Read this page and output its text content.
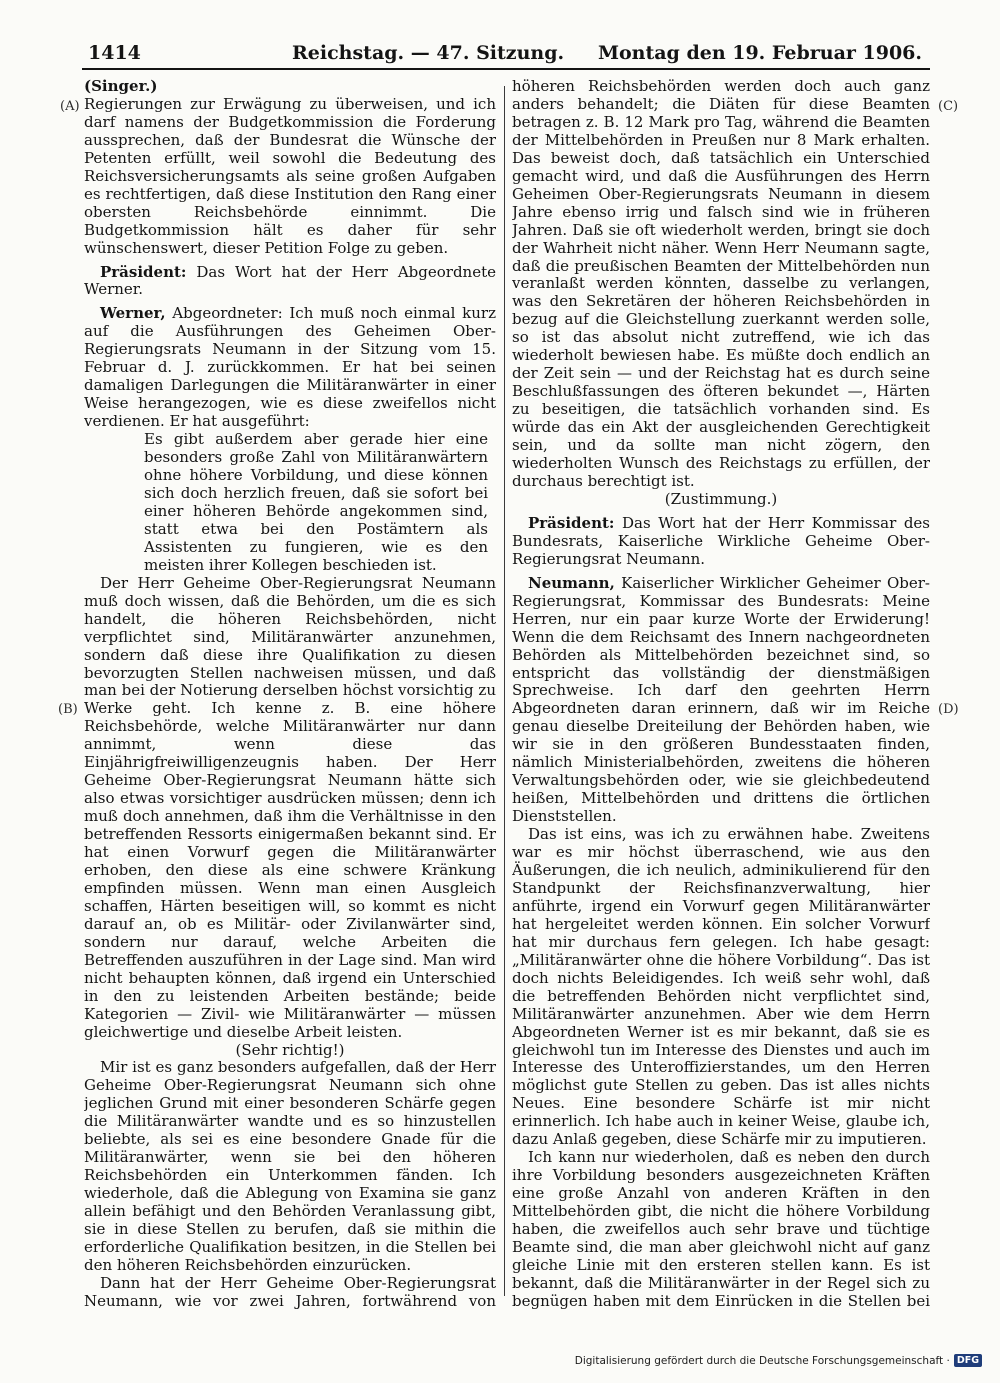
1414	Reichstag. — 47. Sitzung. Montag den 19. Februar 1906.
(A)
(B)
(C)
(D)

(Singer.)

Regierungen zur Erwägung zu überweisen, und ich darf namens der Budgetkommission die Forderung aussprechen, daß der Bundesrat die Wünsche der Petenten erfüllt, weil sowohl die Bedeutung des Reichsversicherungsamts als seine großen Aufgaben es rechtfertigen, daß diese Institution den Rang einer obersten Reichsbehörde einnimmt. Die Budgetkommission hält es daher für sehr wünschenswert, dieser Petition Folge zu geben.

Präsident: Das Wort hat der Herr Abgeordnete Werner.

Werner, Abgeordneter: Ich muß noch einmal kurz auf die Ausführungen des Geheimen Ober-Regierungsrats Neumann in der Sitzung vom 15. Februar d. J. zurückkommen. Er hat bei seinen damaligen Darlegungen die Militäranwärter in einer Weise herangezogen, wie es diese zweifellos nicht verdienen. Er hat ausgeführt:

Es gibt außerdem aber gerade hier eine besonders große Zahl von Militäranwärtern ohne höhere Vorbildung, und diese können sich doch herzlich freuen, daß sie sofort bei einer höheren Behörde angekommen sind, statt etwa bei den Postämtern als Assistenten zu fungieren, wie es den meisten ihrer Kollegen beschieden ist.

Der Herr Geheime Ober-Regierungsrat Neumann muß doch wissen, daß die Behörden, um die es sich handelt, die höheren Reichsbehörden, nicht verpflichtet sind, Militäranwärter anzunehmen, sondern daß diese ihre Qualifikation zu diesen bevorzugten Stellen nachweisen müssen, und daß man bei der Notierung derselben höchst vorsichtig zu Werke geht. Ich kenne z. B. eine höhere Reichsbehörde, welche Militäranwärter nur dann annimmt, wenn diese das Einjährigfreiwilligenzeugnis haben. Der Herr Geheime Ober-Regierungsrat Neumann hätte sich also etwas vorsichtiger ausdrücken müssen; denn ich muß doch annehmen, daß ihm die Verhältnisse in den betreffenden Ressorts einigermaßen bekannt sind. Er hat einen Vorwurf gegen die Militäranwärter erhoben, den diese als eine schwere Kränkung empfinden müssen. Wenn man einen Ausgleich schaffen, Härten beseitigen will, so kommt es nicht darauf an, ob es Militär- oder Zivilanwärter sind, sondern nur darauf, welche Arbeiten die Betreffenden auszuführen in der Lage sind. Man wird nicht behaupten können, daß irgend ein Unterschied in den zu leistenden Arbeiten bestände; beide Kategorien — Zivil- wie Militäranwärter — müssen gleichwertige und dieselbe Arbeit leisten.

(Sehr richtig!)

Mir ist es ganz besonders aufgefallen, daß der Herr Geheime Ober-Regierungsrat Neumann sich ohne jeglichen Grund mit einer besonderen Schärfe gegen die Militäranwärter wandte und es so hinzustellen beliebte, als sei es eine besondere Gnade für die Militäranwärter, wenn sie bei den höheren Reichsbehörden ein Unterkommen fänden. Ich wiederhole, daß die Ablegung von Examina sie ganz allein befähigt und den Behörden Veranlassung gibt, sie in diese Stellen zu berufen, daß sie mithin die erforderliche Qualifikation besitzen, in die Stellen bei den höheren Reichsbehörden einzurücken.

Dann hat der Herr Geheime Ober-Regierungsrat Neumann, wie vor zwei Jahren, fortwährend von

höheren Reichsbehörden werden doch auch ganz anders behandelt; die Diäten für diese Beamten betragen z. B. 12 Mark pro Tag, während die Beamten der Mittelbehörden in Preußen nur 8 Mark erhalten. Das beweist doch, daß tatsächlich ein Unterschied gemacht wird, und daß die Ausführungen des Herrn Geheimen Ober-Regierungsrats Neumann in diesem Jahre ebenso irrig und falsch sind wie in früheren Jahren. Daß sie oft wiederholt werden, bringt sie doch der Wahrheit nicht näher. Wenn Herr Neumann sagte, daß die preußischen Beamten der Mittelbehörden nun veranlaßt werden könnten, dasselbe zu verlangen, was den Sekretären der höheren Reichsbehörden in bezug auf die Gleichstellung zuerkannt werden solle, so ist das absolut nicht zutreffend, wie ich das wiederholt bewiesen habe. Es müßte doch endlich an der Zeit sein — und der Reichstag hat es durch seine Beschlußfassungen des öfteren bekundet —, Härten zu beseitigen, die tatsächlich vorhanden sind. Es würde das ein Akt der ausgleichenden Gerechtigkeit sein, und da sollte man nicht zögern, den wiederholten Wunsch des Reichstags zu erfüllen, der durchaus berechtigt ist.

(Zustimmung.)

Präsident: Das Wort hat der Herr Kommissar des Bundesrats, Kaiserliche Wirkliche Geheime Ober-Regierungsrat Neumann.

Neumann, Kaiserlicher Wirklicher Geheimer Ober-Regierungsrat, Kommissar des Bundesrats: Meine Herren, nur ein paar kurze Worte der Erwiderung! Wenn die dem Reichsamt des Innern nachgeordneten Behörden als Mittelbehörden bezeichnet sind, so entspricht das vollständig der dienstmäßigen Sprechweise. Ich darf den geehrten Herrn Abgeordneten daran erinnern, daß wir im Reiche genau dieselbe Dreiteilung der Behörden haben, wie wir sie in den größeren Bundesstaaten finden, nämlich Ministerialbehörden, zweitens die höheren Verwaltungsbehörden oder, wie sie gleichbedeutend heißen, Mittelbehörden und drittens die örtlichen Dienststellen.

Das ist eins, was ich zu erwähnen habe. Zweitens war es mir höchst überraschend, wie aus den Äußerungen, die ich neulich, adminikulierend für den Standpunkt der Reichsfinanzverwaltung, hier anführte, irgend ein Vorwurf gegen Militäranwärter hat hergeleitet werden können. Ein solcher Vorwurf hat mir durchaus fern gelegen. Ich habe gesagt: „Militäranwärter ohne die höhere Vorbildung“. Das ist doch nichts Beleidigendes. Ich weiß sehr wohl, daß die betreffenden Behörden nicht verpflichtet sind, Militäranwärter anzunehmen. Aber wie dem Herrn Abgeordneten Werner ist es mir bekannt, daß sie es gleichwohl tun im Interesse des Dienstes und auch im Interesse des Unteroffizierstandes, um den Herren möglichst gute Stellen zu geben. Das ist alles nichts Neues. Eine besondere Schärfe ist mir nicht erinnerlich. Ich habe auch in keiner Weise, glaube ich, dazu Anlaß gegeben, diese Schärfe mir zu imputieren.

Ich kann nur wiederholen, daß es neben den durch ihre Vorbildung besonders ausgezeichneten Kräften eine große Anzahl von anderen Kräften in den Mittelbehörden gibt, die nicht die höhere Vorbildung haben, die zweifellos auch sehr brave und tüchtige Beamte sind, die man aber gleichwohl nicht auf ganz gleiche Linie mit den ersteren stellen kann. Es ist bekannt, daß die Militäranwärter in der Regel sich zu begnügen haben mit dem Einrücken in die Stellen bei

Digitalisierung gefördert durch die Deutsche Forschungsgemeinschaft · DFG
